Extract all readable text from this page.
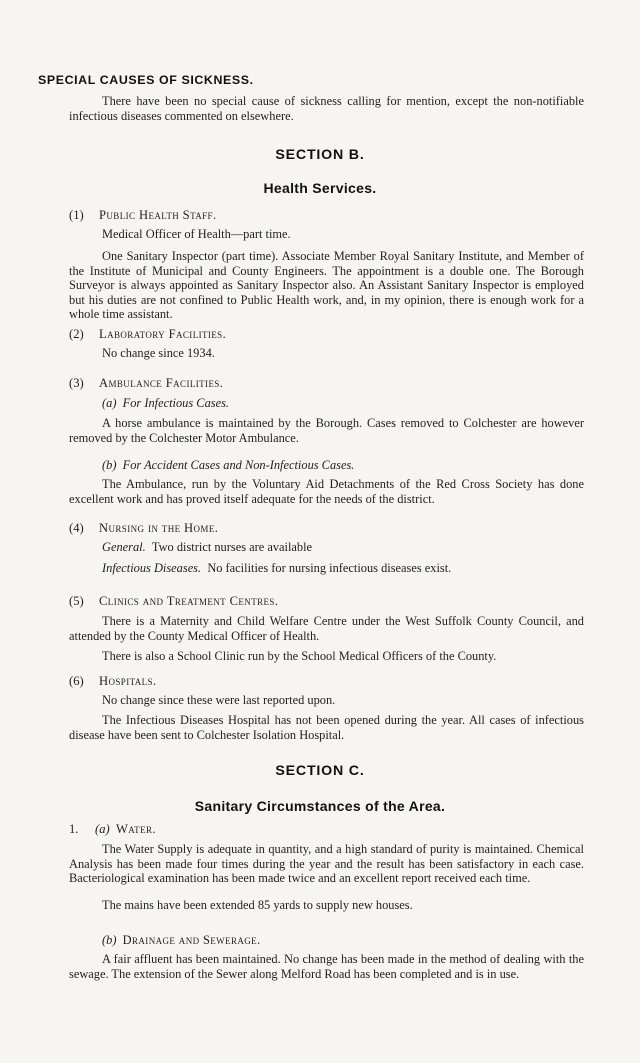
SPECIAL CAUSES OF SICKNESS.

There have been no special cause of sickness calling for mention, except the non-notifiable infectious diseases commented on elsewhere.

SECTION B.
Health Services.
(1) Public Health Staff.

Medical Officer of Health—part time.

One Sanitary Inspector (part time). Associate Member Royal Sanitary Institute, and Member of the Institute of Municipal and County Engineers. The appointment is a double one. The Borough Surveyor is always appointed as Sanitary Inspector also. An Assistant Sanitary Inspector is employed but his duties are not confined to Public Health work, and, in my opinion, there is enough work for a whole time assistant.

(2) Laboratory Facilities.

No change since 1934.

(3) Ambulance Facilities.
(a) For Infectious Cases.

A horse ambulance is maintained by the Borough. Cases removed to Colchester are however removed by the Colchester Motor Ambulance.

(b) For Accident Cases and Non-Infectious Cases.

The Ambulance, run by the Voluntary Aid Detachments of the Red Cross Society has done excellent work and has proved itself adequate for the needs of the district.

(4) Nursing in the Home.
General. Two district nurses are available
Infectious Diseases. No facilities for nursing infectious diseases exist.
(5) Clinics and Treatment Centres.

There is a Maternity and Child Welfare Centre under the West Suffolk County Council, and attended by the County Medical Officer of Health.

There is also a School Clinic run by the School Medical Officers of the County.

(6) Hospitals.

No change since these were last reported upon.

The Infectious Diseases Hospital has not been opened during the year. All cases of infectious disease have been sent to Colchester Isolation Hospital.

SECTION C.
Sanitary Circumstances of the Area.
1. (a) Water.

The Water Supply is adequate in quantity, and a high standard of purity is maintained. Chemical Analysis has been made four times during the year and the result has been satisfactory in each case. Bacteriological examination has been made twice and an excellent report received each time.

The mains have been extended 85 yards to supply new houses.

(b) Drainage and Sewerage.

A fair affluent has been maintained. No change has been made in the method of dealing with the sewage. The extension of the Sewer along Melford Road has been completed and is in use.
